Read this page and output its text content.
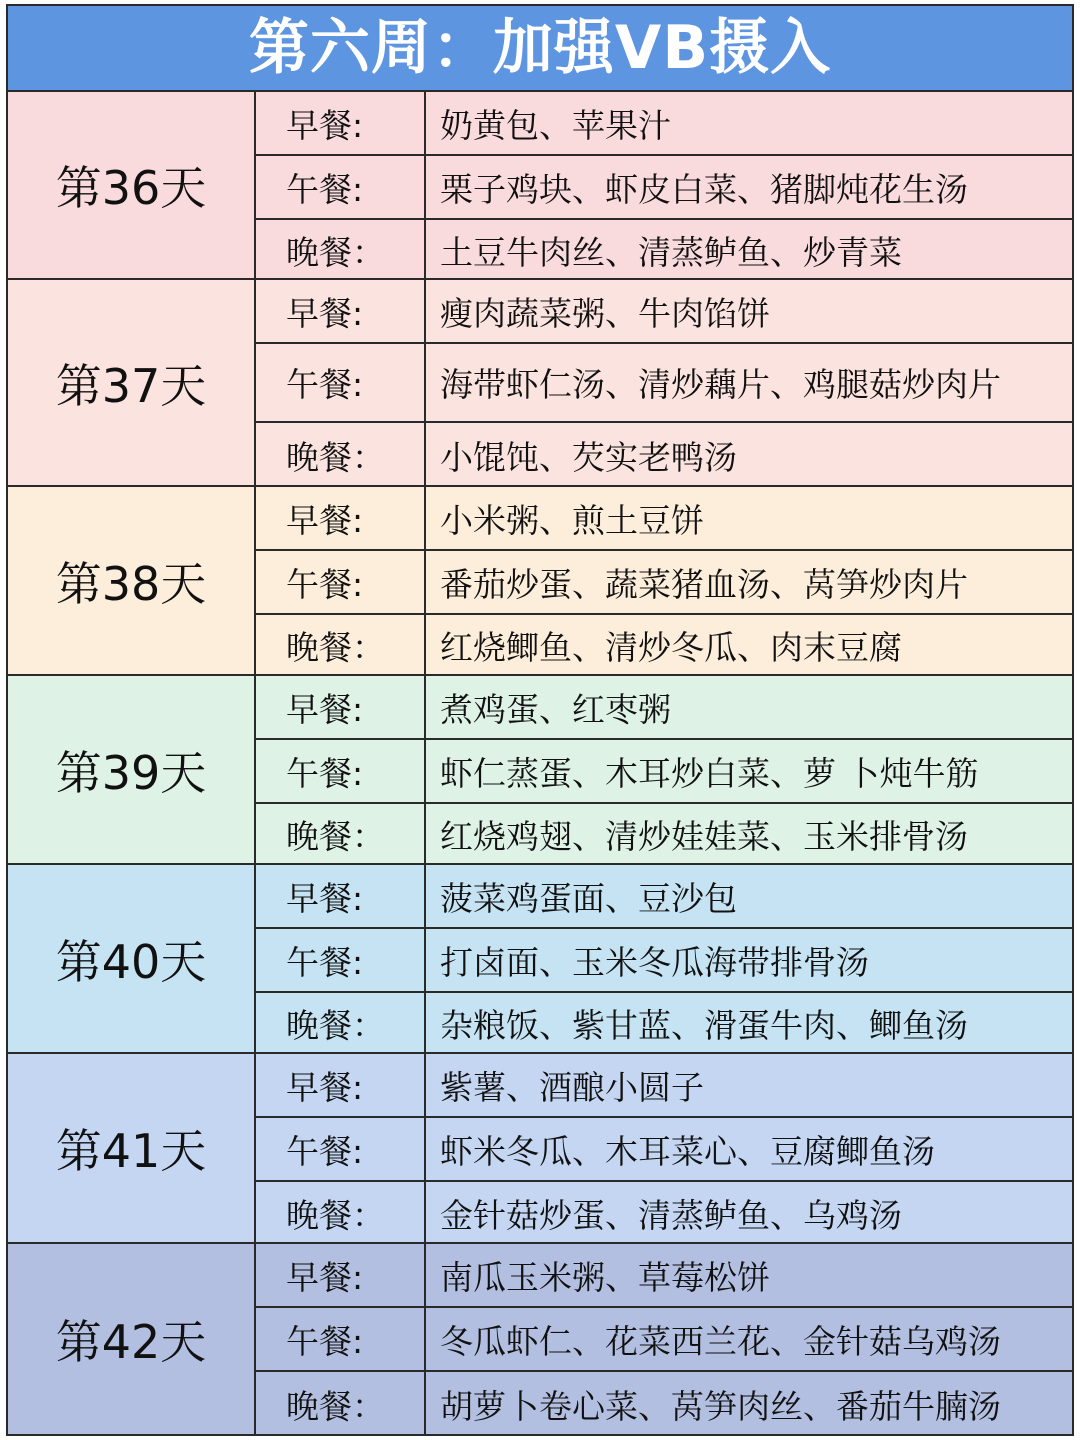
第六周：加强VB摄入
第36天
早餐:	奶黄包、苹果汁
午餐:	栗子鸡块、虾皮白菜、猪脚炖花生汤
晚餐：	土豆牛肉丝、清蒸鲈鱼、炒青菜
第37天
早餐:	瘦肉蔬菜粥、牛肉馅饼
午餐:	海带虾仁汤、清炒藕片、鸡腿菇炒肉片
晚餐：	小馄饨、芡实老鸭汤
第38天
早餐:	小米粥、煎土豆饼
午餐:	番茄炒蛋、蔬菜猪血汤、莴笋炒肉片
晚餐：	红烧鲫鱼、清炒冬瓜、肉末豆腐
第39天
早餐:	煮鸡蛋、红枣粥
午餐:	虾仁蒸蛋、木耳炒白菜、萝 卜炖牛筋
晚餐：	红烧鸡翅、清炒娃娃菜、玉米排骨汤
第40天
早餐:	菠菜鸡蛋面、豆沙包
午餐:	打卤面、玉米冬瓜海带排骨汤
晚餐：	杂粮饭、紫甘蓝、滑蛋牛肉、鲫鱼汤
第41天
早餐:	紫薯、酒酿小圆子
午餐:	虾米冬瓜、木耳菜心、豆腐鲫鱼汤
晚餐：	金针菇炒蛋、清蒸鲈鱼、乌鸡汤
第42天
早餐:	南瓜玉米粥、草莓松饼
午餐:	冬瓜虾仁、花菜西兰花、金针菇乌鸡汤
晚餐：	胡萝卜卷心菜、莴笋肉丝、番茄牛腩汤
